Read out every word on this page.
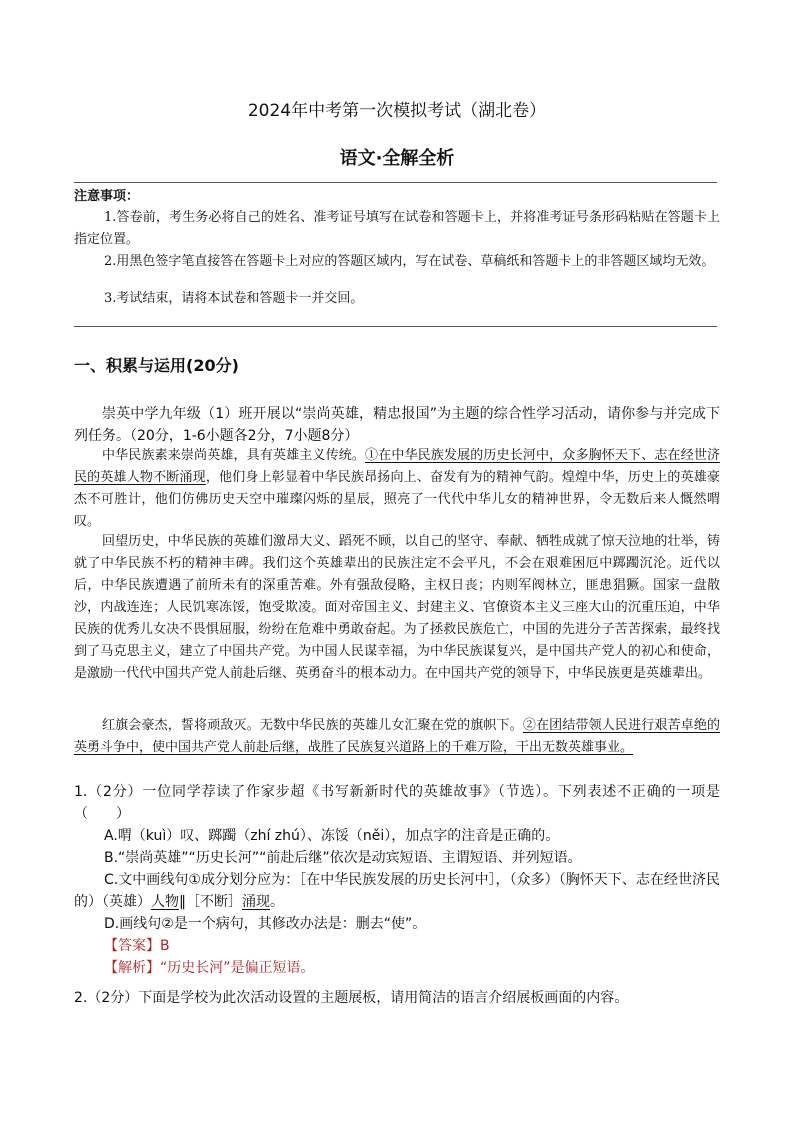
2024年中考第一次模拟考试（湖北卷）
语文·全解全析
注意事项：
1.答卷前，考生务必将自己的姓名、准考证号填写在试卷和答题卡上，并将准考证号条形码粘贴在答题卡上指定位置。
2.用黑色签字笔直接答在答题卡上对应的答题区域内，写在试卷、草稿纸和答题卡上的非答题区域均无效。
3.考试结束，请将本试卷和答题卡一并交回。
一、积累与运用(20分)
崇英中学九年级（1）班开展以“崇尚英雄，精忠报国”为主题的综合性学习活动，请你参与并完成下列任务。（20分，1-6小题各2分，7小题8分）
中华民族素来崇尚英雄，具有英雄主义传统。①在中华民族发展的历史长河中，众多胸怀天下、志在经世济民的英雄人物不断涌现，他们身上彰显着中华民族昂扬向上、奋发有为的精神气韵。煌煌中华，历史上的英雄豪杰不可胜计，他们仿佛历史天空中璀璨闪烁的星辰，照亮了一代代中华儿女的精神世界，令无数后来人慨然喟叹。
回望历史，中华民族的英雄们激昂大义、蹈死不顾，以自己的坚守、奉献、牺牲成就了惊天泣地的壮举，铸就了中华民族不朽的精神丰碑。我们这个英雄辈出的民族注定不会平凡，不会在艰难困厄中踯躅沉沦。近代以后，中华民族遭遇了前所未有的深重苦难。外有强敌侵略，主权日丧；内则军阀林立，匪患猖獗。国家一盘散沙，内战连连；人民饥寒冻馁，饱受欺凌。面对帝国主义、封建主义、官僚资本主义三座大山的沉重压迫，中华民族的优秀儿女决不畏惧屈服，纷纷在危难中勇敢奋起。为了拯救民族危亡，中国的先进分子苦苦探索，最终找到了马克思主义，建立了中国共产党。为中国人民谋幸福，为中华民族谋复兴，是中国共产党人的初心和使命，是激励一代代中国共产党人前赴后继、英勇奋斗的根本动力。在中国共产党的领导下，中华民族更是英雄辈出。
红旗会豪杰，誓将顽敌灭。无数中华民族的英雄儿女汇聚在党的旗帜下。②在团结带领人民进行艰苦卓绝的英勇斗争中，使中国共产党人前赴后继，战胜了民族复兴道路上的千难万险，干出无数英雄事业。
1.（2分）一位同学荐读了作家步超《书写新新时代的英雄故事》（节选）。下列表述不正确的一项是（　　）
A.喟（kuì）叹、踯躅（zhí zhú）、冻馁（něi），加点字的注音是正确的。
B.“崇尚英雄”“历史长河”“前赴后继”依次是动宾短语、主谓短语、并列短语。
C.文中画线句①成分划分应为：［在中华民族发展的历史长河中］，（众多）（胸怀天下、志在经世济民的）（英雄）人物‖［不断］涌现。
D.画线句②是一个病句，其修改办法是：删去“使”。
【答案】B
【解析】“历史长河”是偏正短语。
2.（2分）下面是学校为此次活动设置的主题展板，请用简洁的语言介绍展板画面的内容。
